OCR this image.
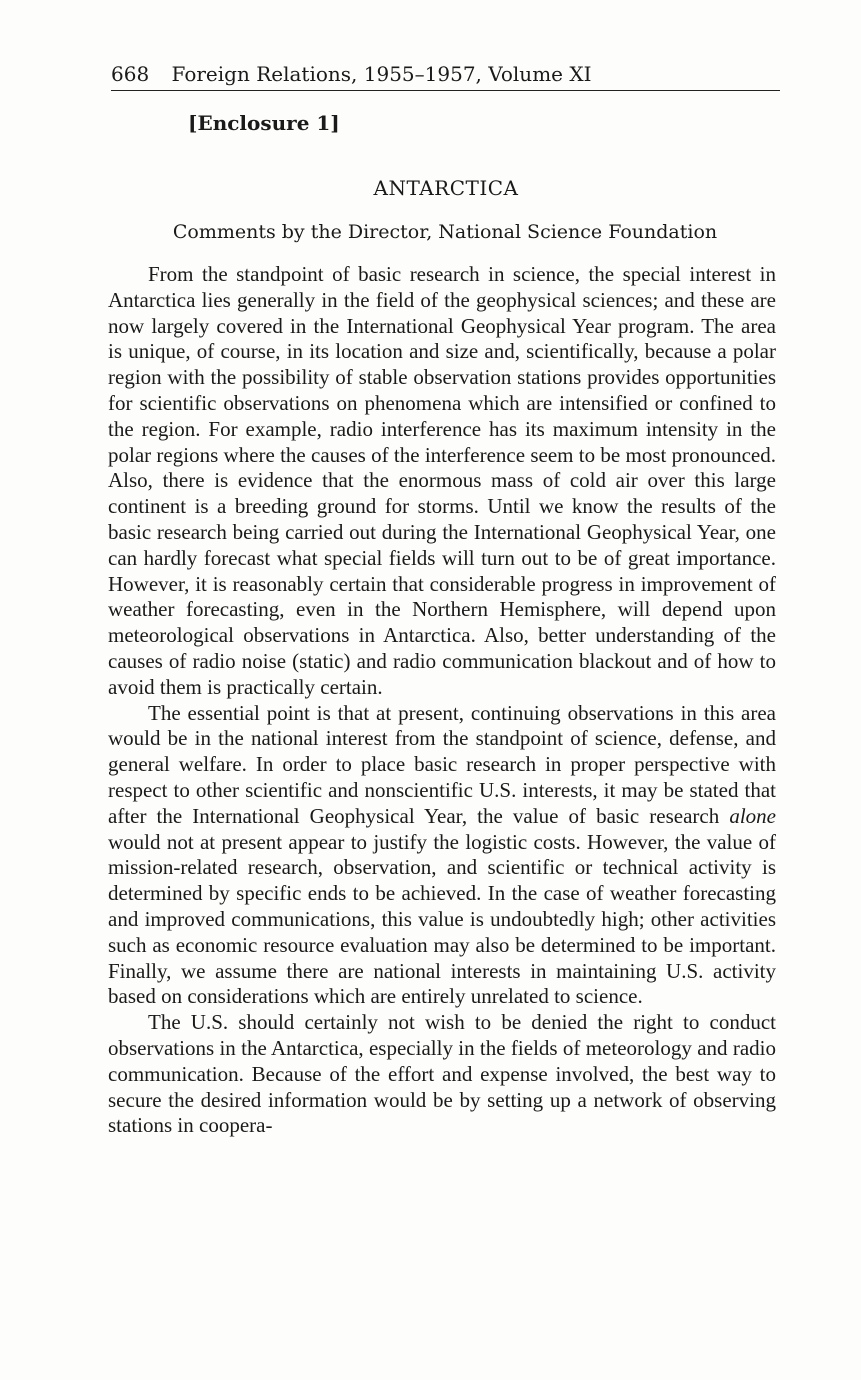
668 Foreign Relations, 1955–1957, Volume XI
[Enclosure 1]
ANTARCTICA
Comments by the Director, National Science Foundation

From the standpoint of basic research in science, the special interest in Antarctica lies generally in the field of the geophysical sciences; and these are now largely covered in the International Geophysical Year program. The area is unique, of course, in its location and size and, scientifically, because a polar region with the possibility of stable observation stations provides opportunities for scientific observations on phenomena which are intensified or confined to the region. For example, radio interference has its maximum intensity in the polar regions where the causes of the interference seem to be most pronounced. Also, there is evidence that the enormous mass of cold air over this large continent is a breeding ground for storms. Until we know the results of the basic research being carried out during the International Geophysical Year, one can hardly forecast what special fields will turn out to be of great importance. However, it is reasonably certain that considerable progress in improvement of weather forecasting, even in the Northern Hemisphere, will depend upon meteorological observations in Antarctica. Also, better understanding of the causes of radio noise (static) and radio communication blackout and of how to avoid them is practically certain.

The essential point is that at present, continuing observations in this area would be in the national interest from the standpoint of science, defense, and general welfare. In order to place basic research in proper perspective with respect to other scientific and nonscientific U.S. interests, it may be stated that after the International Geophysical Year, the value of basic research alone would not at present appear to justify the logistic costs. However, the value of mission-related research, observation, and scientific or technical activity is determined by specific ends to be achieved. In the case of weather forecasting and improved communications, this value is undoubtedly high; other activities such as economic resource evaluation may also be determined to be important. Finally, we assume there are national interests in maintaining U.S. activity based on considerations which are entirely unrelated to science.

The U.S. should certainly not wish to be denied the right to conduct observations in the Antarctica, especially in the fields of meteorology and radio communication. Because of the effort and expense involved, the best way to secure the desired information would be by setting up a network of observing stations in coopera-
